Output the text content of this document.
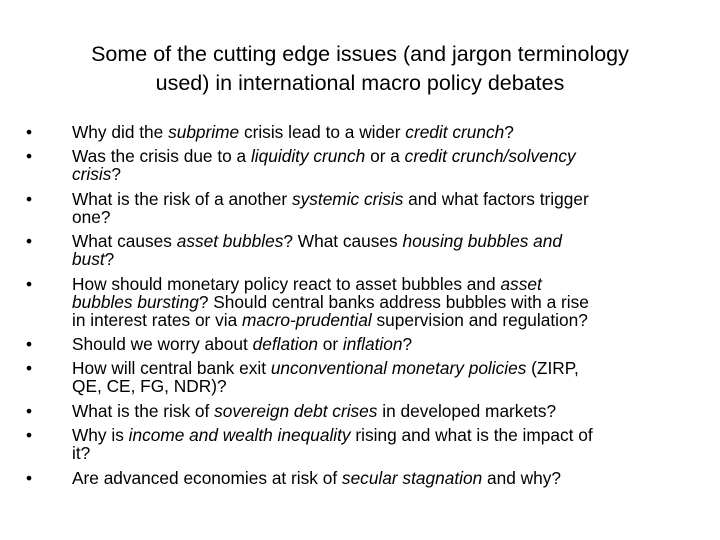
Some of the cutting edge issues (and jargon terminology
used) in international macro policy debates
•	Why did the subprime crisis lead to a wider credit crunch?
•	Was the crisis due to a liquidity crunch or a credit crunch/solvency
crisis?
•	What is the risk of a another systemic crisis and what factors trigger
one?
•	What causes asset bubbles? What causes housing bubbles and
bust?
•	How should monetary policy react to asset bubbles and asset
bubbles bursting? Should central banks address bubbles with a rise
in interest rates or via macro-prudential supervision and regulation?
•	Should we worry about deflation or inflation?
•	How will central bank exit unconventional monetary policies (ZIRP,
QE, CE, FG, NDR)?
•	What is the risk of sovereign debt crises in developed markets?
•	Why is income and wealth inequality rising and what is the impact of
it?
•	Are advanced economies at risk of secular stagnation and why?
